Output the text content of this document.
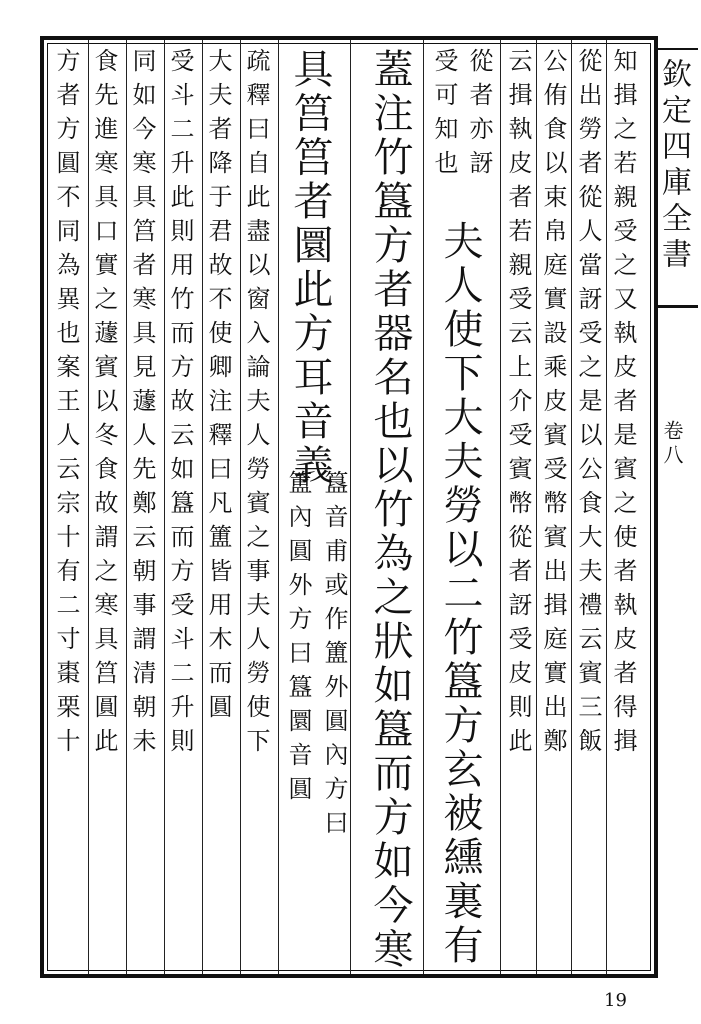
欽定四庫全書
卷八
知揖之若親受之又執皮者是賓之使者執皮者得揖
從出勞者從人當訝受之是以公食大夫禮云賓三飯
公侑食以束帛庭實設乘皮賓受幣賓出揖庭實出鄭
云揖執皮者若親受云上介受賓幣從者訝受皮則此
從者亦訝
受可知也
夫人使下大夫勞以二竹簋方玄被纁裏有
蓋注竹簋方者器名也以竹為之狀如簋而方如今寒
具筥筥者圜此方耳音義
簋音甫或作簠外圓內方曰
簠內圓外方曰簋圜音圓
疏釋曰自此盡以窗入論夫人勞賓之事夫人勞使下
大夫者降于君故不使卿注釋曰凡簠皆用木而圓
受斗二升此則用竹而方故云如簋而方受斗二升則
同如今寒具筥者寒具見蘧人先鄭云朝事謂清朝未
食先進寒具口實之蘧賓以冬食故謂之寒具筥圓此
方者方圓不同為異也案王人云宗十有二寸棗栗十
19
